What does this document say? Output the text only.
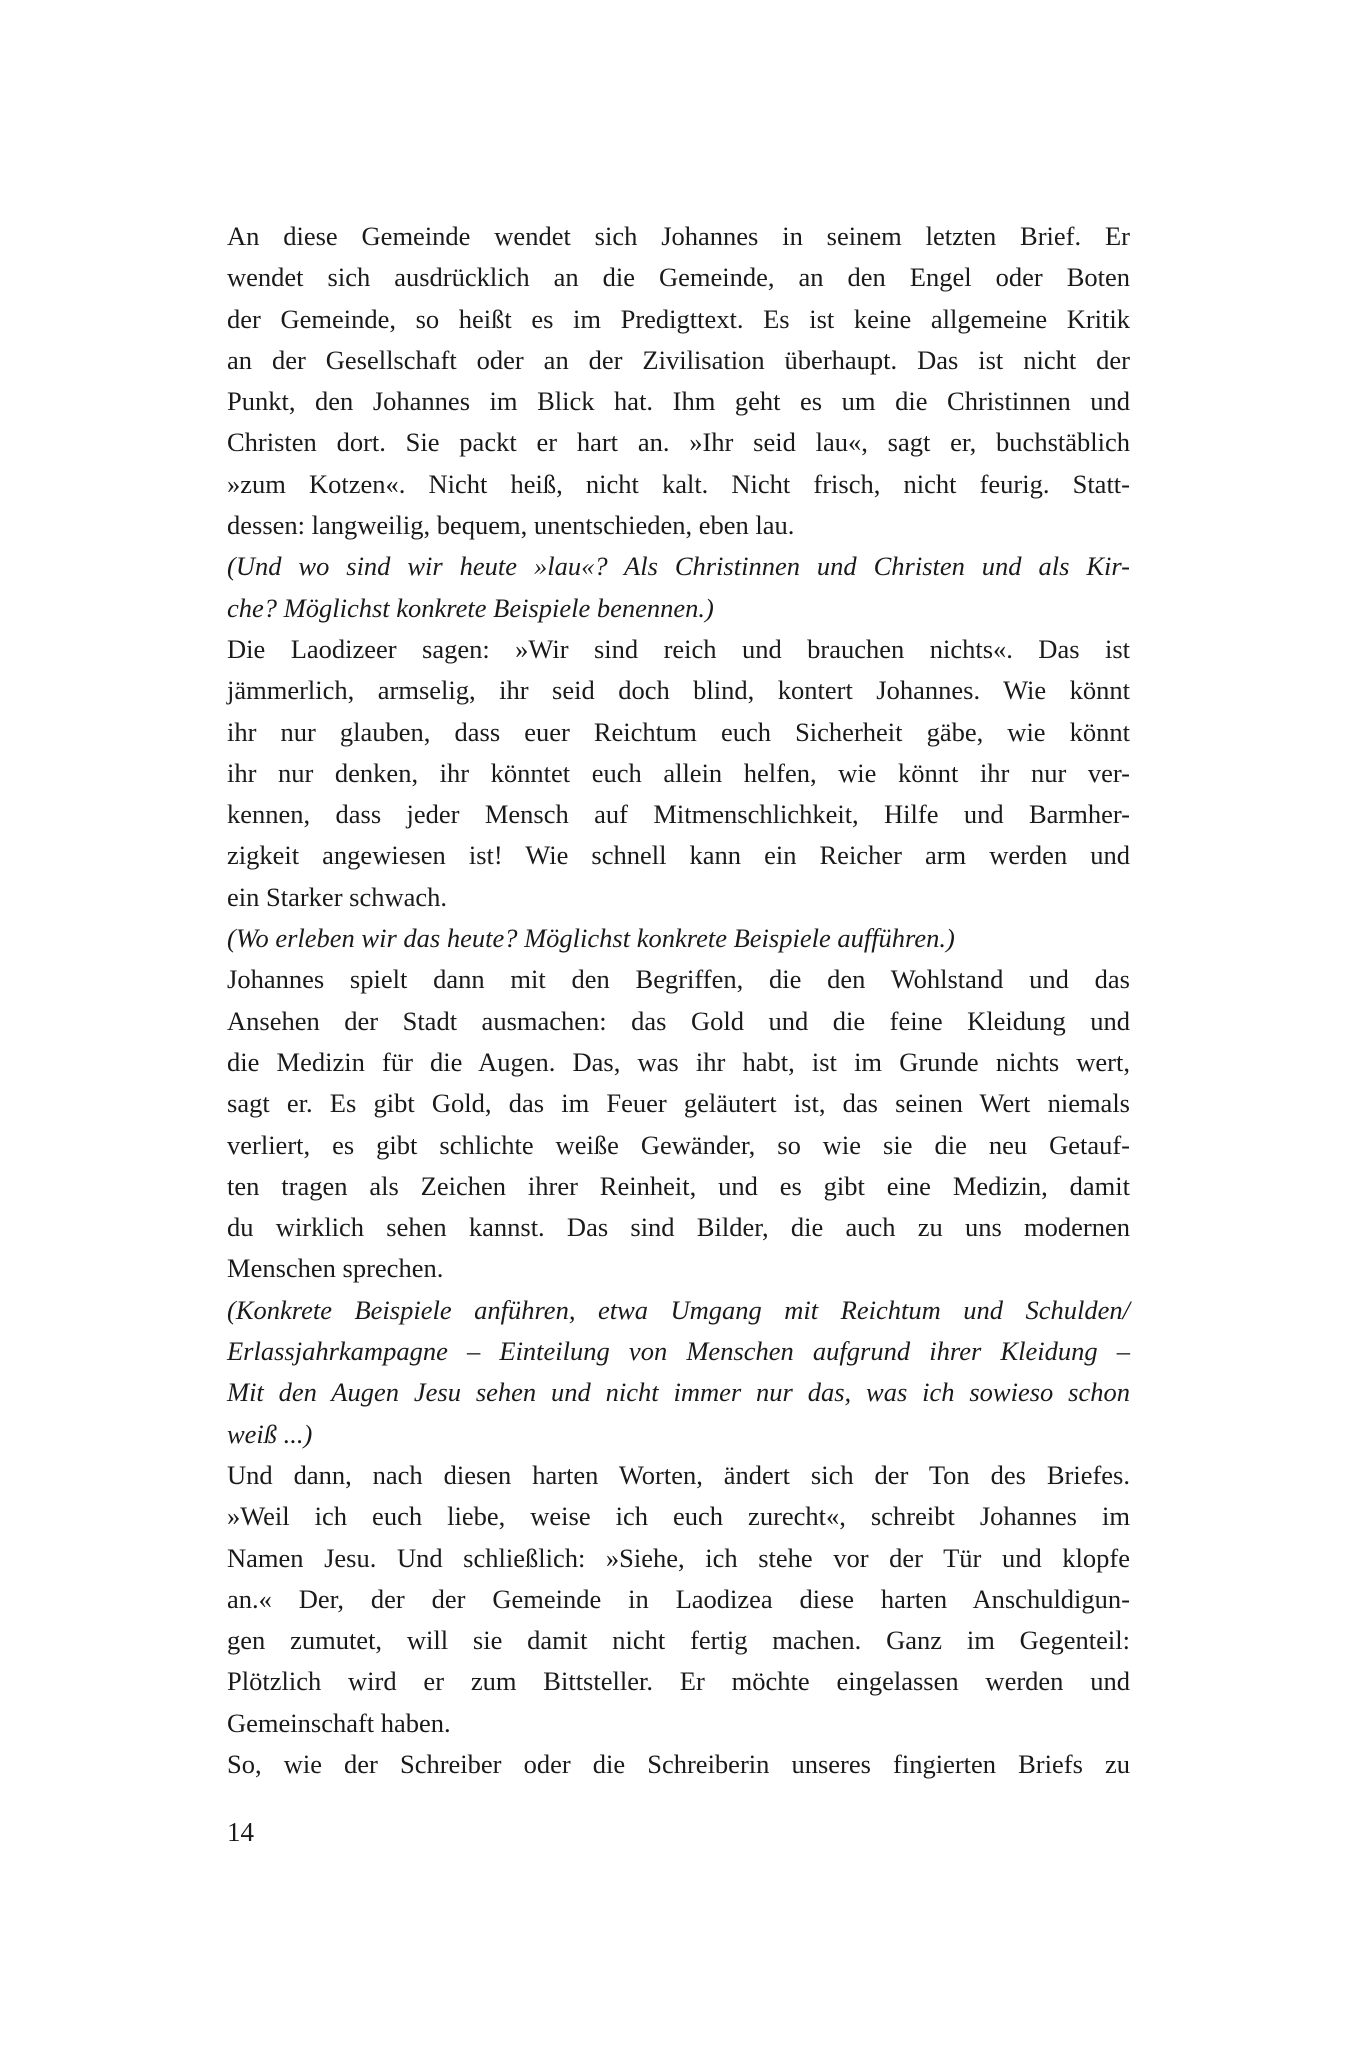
An diese Gemeinde wendet sich Johannes in seinem letzten Brief. Er
wendet sich ausdrücklich an die Gemeinde, an den Engel oder Boten
der Gemeinde, so heißt es im Predigttext. Es ist keine allgemeine Kritik
an der Gesellschaft oder an der Zivilisation überhaupt. Das ist nicht der
Punkt, den Johannes im Blick hat. Ihm geht es um die Christinnen und
Christen dort. Sie packt er hart an. »Ihr seid lau«, sagt er, buchstäblich
»zum Kotzen«. Nicht heiß, nicht kalt. Nicht frisch, nicht feurig. Statt-
dessen: langweilig, bequem, unentschieden, eben lau.
(Und wo sind wir heute »lau«? Als Christinnen und Christen und als Kir-
che? Möglichst konkrete Beispiele benennen.)
Die Laodizeer sagen: »Wir sind reich und brauchen nichts«. Das ist
jämmerlich, armselig, ihr seid doch blind, kontert Johannes. Wie könnt
ihr nur glauben, dass euer Reichtum euch Sicherheit gäbe, wie könnt
ihr nur denken, ihr könntet euch allein helfen, wie könnt ihr nur ver-
kennen, dass jeder Mensch auf Mitmenschlichkeit, Hilfe und Barmher-
zigkeit angewiesen ist! Wie schnell kann ein Reicher arm werden und
ein Starker schwach.
(Wo erleben wir das heute? Möglichst konkrete Beispiele aufführen.)
Johannes spielt dann mit den Begriffen, die den Wohlstand und das
Ansehen der Stadt ausmachen: das Gold und die feine Kleidung und
die Medizin für die Augen. Das, was ihr habt, ist im Grunde nichts wert,
sagt er. Es gibt Gold, das im Feuer geläutert ist, das seinen Wert niemals
verliert, es gibt schlichte weiße Gewänder, so wie sie die neu Getauf-
ten tragen als Zeichen ihrer Reinheit, und es gibt eine Medizin, damit
du wirklich sehen kannst. Das sind Bilder, die auch zu uns modernen
Menschen sprechen.
(Konkrete Beispiele anführen, etwa Umgang mit Reichtum und Schulden/
Erlassjahrkampagne – Einteilung von Menschen aufgrund ihrer Kleidung –
Mit den Augen Jesu sehen und nicht immer nur das, was ich sowieso schon
weiß ...)
Und dann, nach diesen harten Worten, ändert sich der Ton des Briefes.
»Weil ich euch liebe, weise ich euch zurecht«, schreibt Johannes im
Namen Jesu. Und schließlich: »Siehe, ich stehe vor der Tür und klopfe
an.« Der, der der Gemeinde in Laodizea diese harten Anschuldigun-
gen zumutet, will sie damit nicht fertig machen. Ganz im Gegenteil:
Plötzlich wird er zum Bittsteller. Er möchte eingelassen werden und
Gemeinschaft haben.
So, wie der Schreiber oder die Schreiberin unseres fingierten Briefs zu
14
